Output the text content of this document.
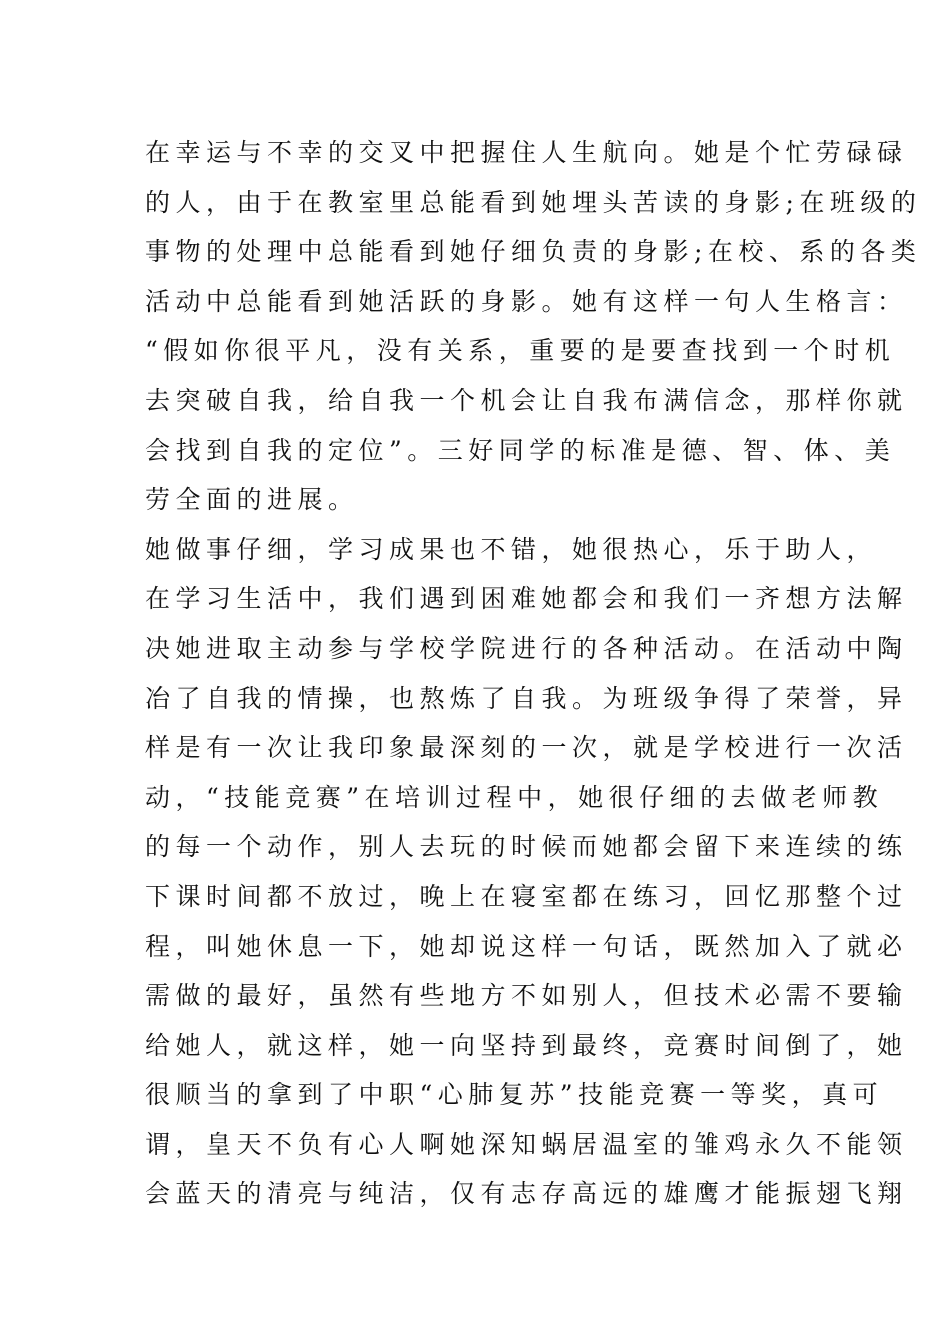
在幸运与不幸的交叉中把握住人生航向。她是个忙劳碌碌
的人，由于在教室里总能看到她埋头苦读的身影;在班级的
事物的处理中总能看到她仔细负责的身影;在校、系的各类
活动中总能看到她活跃的身影。她有这样一句人生格言：
“假如你很平凡，没有关系，重要的是要查找到一个时机
去突破自我，给自我一个机会让自我布满信念，那样你就
会找到自我的定位”。三好同学的标准是德、智、体、美
劳全面的进展。
她做事仔细，学习成果也不错，她很热心，乐于助人，
在学习生活中，我们遇到困难她都会和我们一齐想方法解
决她进取主动参与学校学院进行的各种活动。在活动中陶
冶了自我的情操，也熬炼了自我。为班级争得了荣誉，异
样是有一次让我印象最深刻的一次，就是学校进行一次活
动，“技能竞赛”在培训过程中，她很仔细的去做老师教
的每一个动作，别人去玩的时候而她都会留下来连续的练
下课时间都不放过，晚上在寝室都在练习，回忆那整个过
程，叫她休息一下，她却说这样一句话，既然加入了就必
需做的最好，虽然有些地方不如别人，但技术必需不要输
给她人，就这样，她一向坚持到最终，竞赛时间倒了，她
很顺当的拿到了中职“心肺复苏”技能竞赛一等奖，真可
谓，皇天不负有心人啊她深知蜗居温室的雏鸡永久不能领
会蓝天的清亮与纯洁，仅有志存高远的雄鹰才能振翅飞翔
